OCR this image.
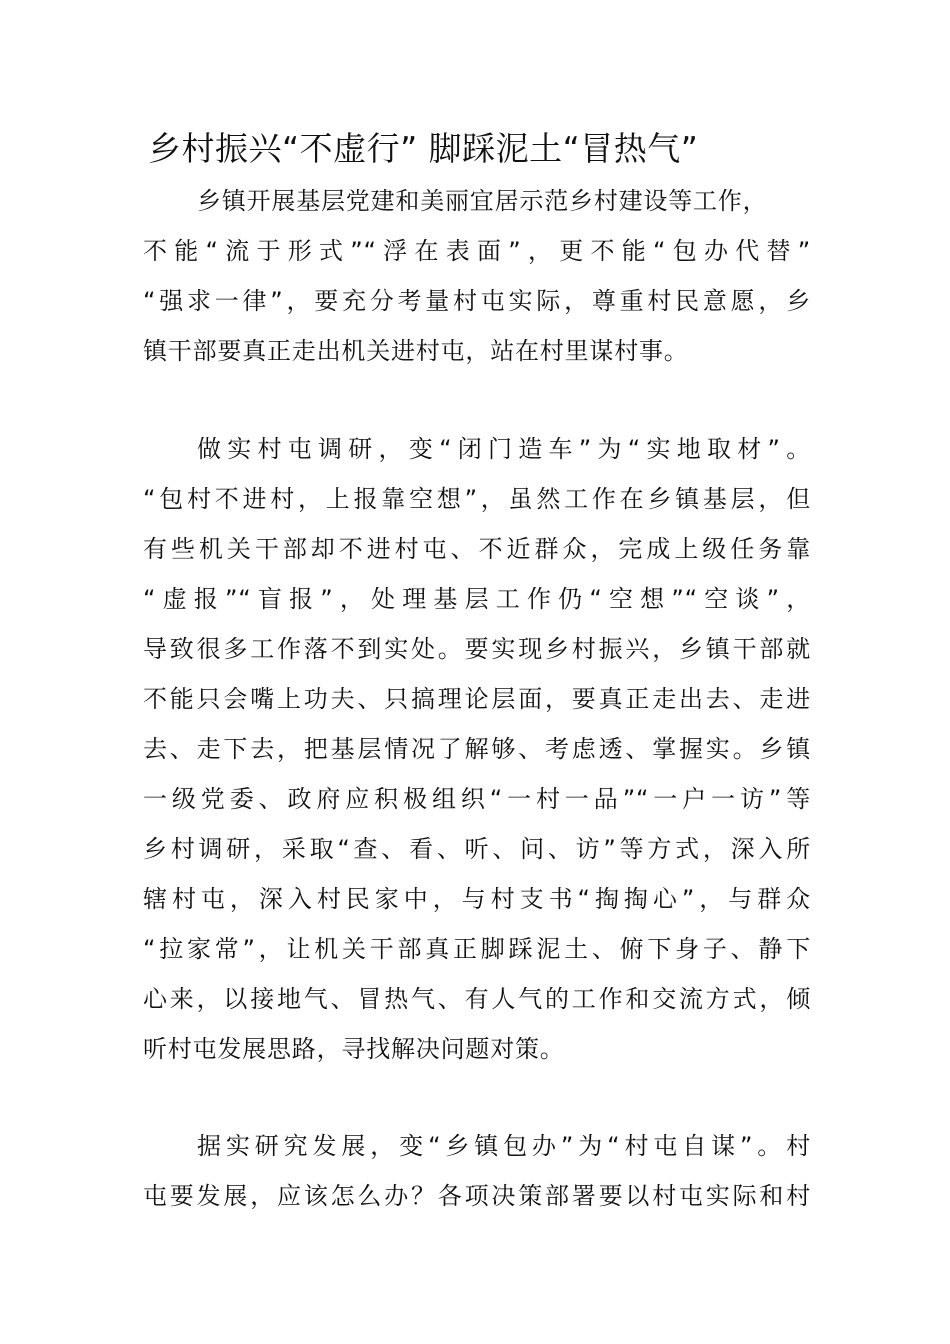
乡村振兴“不虚行” 脚踩泥土“冒热气”
乡镇开展基层党建和美丽宜居示范乡村建设等工作，
不能“流于形式”“浮在表面”，更不能“包办代替”
“强求一律”，要充分考量村屯实际，尊重村民意愿，乡
镇干部要真正走出机关进村屯，站在村里谋村事。
做实村屯调研，变“闭门造车”为“实地取材”。
“包村不进村，上报靠空想”，虽然工作在乡镇基层，但
有些机关干部却不进村屯、不近群众，完成上级任务靠
“虚报”“盲报”，处理基层工作仍“空想”“空谈”，
导致很多工作落不到实处。要实现乡村振兴，乡镇干部就
不能只会嘴上功夫、只搞理论层面，要真正走出去、走进
去、走下去，把基层情况了解够、考虑透、掌握实。乡镇
一级党委、政府应积极组织“一村一品”“一户一访”等
乡村调研，采取“查、看、听、问、访”等方式，深入所
辖村屯，深入村民家中，与村支书“掏掏心”，与群众
“拉家常”，让机关干部真正脚踩泥土、俯下身子、静下
心来，以接地气、冒热气、有人气的工作和交流方式，倾
听村屯发展思路，寻找解决问题对策。
据实研究发展，变“乡镇包办”为“村屯自谋”。村
屯要发展，应该怎么办？各项决策部署要以村屯实际和村
